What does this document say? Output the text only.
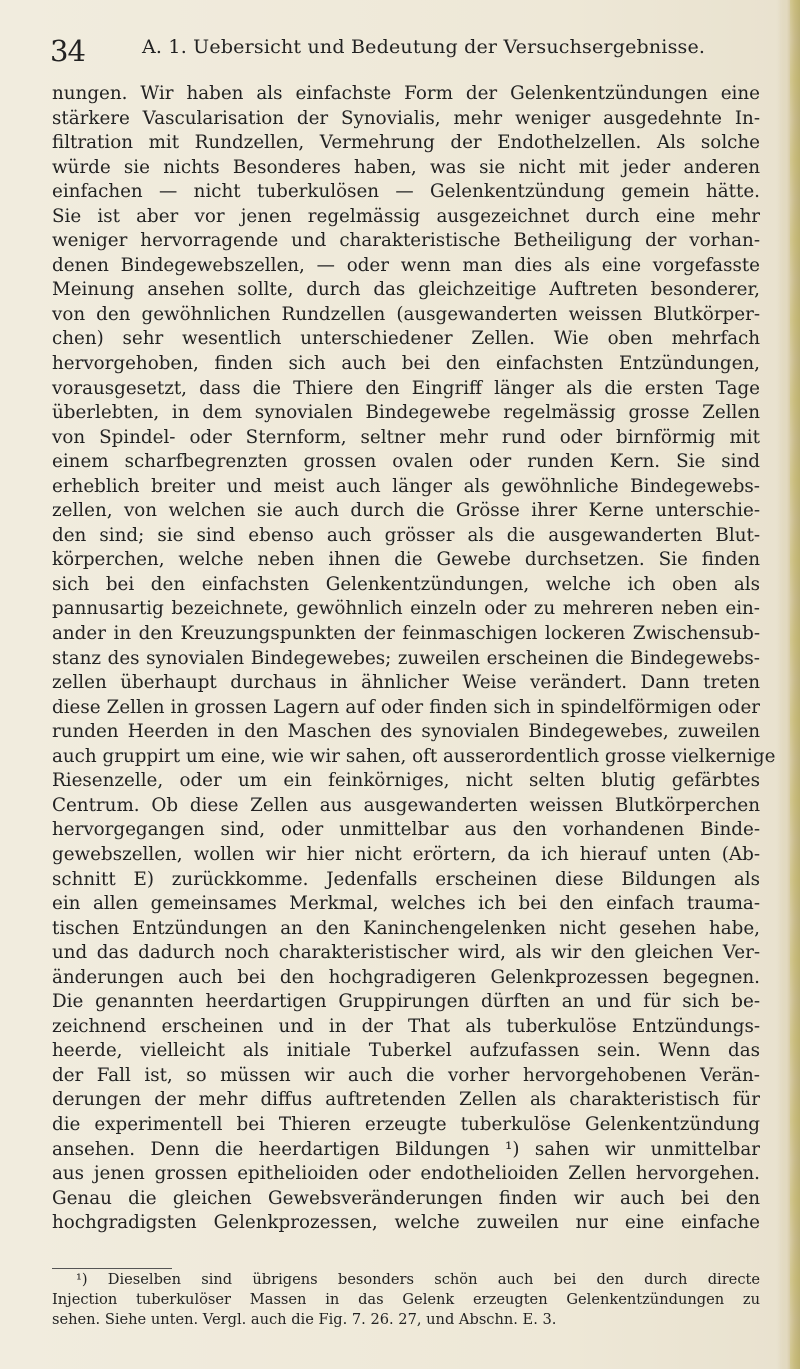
34	A. 1. Uebersicht und Bedeutung der Versuchsergebnisse.
nungen. Wir haben als einfachste Form der Gelenkentzündungen eine
stärkere Vascularisation der Synovialis, mehr weniger ausgedehnte In-
filtration mit Rundzellen, Vermehrung der Endothelzellen. Als solche
würde sie nichts Besonderes haben, was sie nicht mit jeder anderen
einfachen — nicht tuberkulösen — Gelenkentzündung gemein hätte.
Sie ist aber vor jenen regelmässig ausgezeichnet durch eine mehr
weniger hervorragende und charakteristische Betheiligung der vorhan-
denen Bindegewebszellen, — oder wenn man dies als eine vorgefasste
Meinung ansehen sollte, durch das gleichzeitige Auftreten besonderer,
von den gewöhnlichen Rundzellen (ausgewanderten weissen Blutkörper-
chen) sehr wesentlich unterschiedener Zellen. Wie oben mehrfach
hervorgehoben, finden sich auch bei den einfachsten Entzündungen,
vorausgesetzt, dass die Thiere den Eingriff länger als die ersten Tage
überlebten, in dem synovialen Bindegewebe regelmässig grosse Zellen
von Spindel- oder Sternform, seltner mehr rund oder birnförmig mit
einem scharfbegrenzten grossen ovalen oder runden Kern. Sie sind
erheblich breiter und meist auch länger als gewöhnliche Bindegewebs-
zellen, von welchen sie auch durch die Grösse ihrer Kerne unterschie-
den sind; sie sind ebenso auch grösser als die ausgewanderten Blut-
körperchen, welche neben ihnen die Gewebe durchsetzen. Sie finden
sich bei den einfachsten Gelenkentzündungen, welche ich oben als
pannusartig bezeichnete, gewöhnlich einzeln oder zu mehreren neben ein-
ander in den Kreuzungspunkten der feinmaschigen lockeren Zwischensub-
stanz des synovialen Bindegewebes; zuweilen erscheinen die Bindegewebs-
zellen überhaupt durchaus in ähnlicher Weise verändert. Dann treten
diese Zellen in grossen Lagern auf oder finden sich in spindelförmigen oder
runden Heerden in den Maschen des synovialen Bindegewebes, zuweilen
auch gruppirt um eine, wie wir sahen, oft ausserordentlich grosse vielkernige
Riesenzelle, oder um ein feinkörniges, nicht selten blutig gefärbtes
Centrum. Ob diese Zellen aus ausgewanderten weissen Blutkörperchen
hervorgegangen sind, oder unmittelbar aus den vorhandenen Binde-
gewebszellen, wollen wir hier nicht erörtern, da ich hierauf unten (Ab-
schnitt E) zurückkomme. Jedenfalls erscheinen diese Bildungen als
ein allen gemeinsames Merkmal, welches ich bei den einfach trauma-
tischen Entzündungen an den Kaninchengelenken nicht gesehen habe,
und das dadurch noch charakteristischer wird, als wir den gleichen Ver-
änderungen auch bei den hochgradigeren Gelenkprozessen begegnen.
Die genannten heerdartigen Gruppirungen dürften an und für sich be-
zeichnend erscheinen und in der That als tuberkulöse Entzündungs-
heerde, vielleicht als initiale Tuberkel aufzufassen sein. Wenn das
der Fall ist, so müssen wir auch die vorher hervorgehobenen Verän-
derungen der mehr diffus auftretenden Zellen als charakteristisch für
die experimentell bei Thieren erzeugte tuberkulöse Gelenkentzündung
ansehen. Denn die heerdartigen Bildungen ¹) sahen wir unmittelbar
aus jenen grossen epithelioiden oder endothelioiden Zellen hervorgehen.
Genau die gleichen Gewebsveränderungen finden wir auch bei den
hochgradigsten Gelenkprozessen, welche zuweilen nur eine einfache
¹) Dieselben sind übrigens besonders schön auch bei den durch directe
Injection tuberkulöser Massen in das Gelenk erzeugten Gelenkentzündungen zu
sehen. Siehe unten. Vergl. auch die Fig. 7. 26. 27, und Abschn. E. 3.
